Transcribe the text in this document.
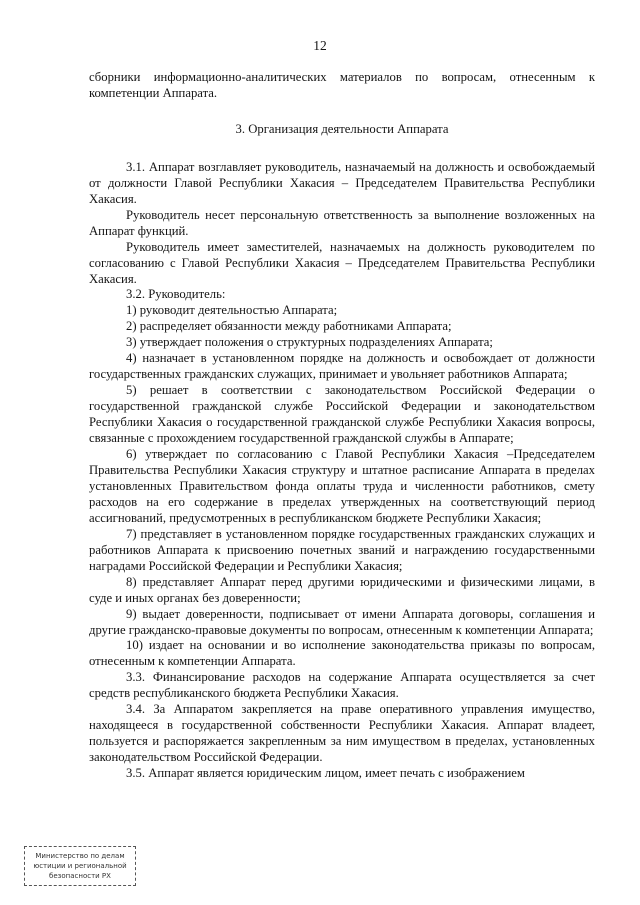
12

сборники информационно-аналитических материалов по вопросам, отнесенным к компетенции Аппарата.

3. Организация деятельности Аппарата

3.1. Аппарат возглавляет руководитель, назначаемый на должность и освобождаемый от должности Главой Республики Хакасия – Председателем Правительства Республики Хакасия.

Руководитель несет персональную ответственность за выполнение возложенных на Аппарат функций.

Руководитель имеет заместителей, назначаемых на должность руководителем по согласованию с Главой Республики Хакасия – Председателем Правительства Республики Хакасия.

3.2. Руководитель:

1) руководит деятельностью Аппарата;

2) распределяет обязанности между работниками Аппарата;

3) утверждает положения о структурных подразделениях Аппарата;

4) назначает в установленном порядке на должность и освобождает от должности государственных гражданских служащих, принимает и увольняет работников Аппарата;

5) решает в соответствии с законодательством Российской Федерации о государственной гражданской службе Российской Федерации и законодательством Республики Хакасия о государственной гражданской службе Республики Хакасия вопросы, связанные с прохождением государственной гражданской службы в Аппарате;

6) утверждает по согласованию с Главой Республики Хакасия –Председателем Правительства Республики Хакасия структуру и штатное расписание Аппарата в пределах установленных Правительством фонда оплаты труда и численности работников, смету расходов на его содержание в пределах утвержденных на соответствующий период ассигнований, предусмотренных в республиканском бюджете Республики Хакасия;

7) представляет в установленном порядке государственных гражданских служащих и работников Аппарата к присвоению почетных званий и награждению государственными наградами Российской Федерации и Республики Хакасия;

8) представляет Аппарат перед другими юридическими и физическими лицами, в суде и иных органах без доверенности;

9) выдает доверенности, подписывает от имени Аппарата договоры, соглашения и другие гражданско-правовые документы по вопросам, отнесенным к компетенции Аппарата;

10) издает на основании и во исполнение законодательства приказы по вопросам, отнесенным к компетенции Аппарата.

3.3. Финансирование расходов на содержание Аппарата осуществляется за счет средств республиканского бюджета Республики Хакасия.

3.4. За Аппаратом закрепляется на праве оперативного управления имущество, находящееся в государственной собственности Республики Хакасия. Аппарат владеет, пользуется и распоряжается закрепленным за ним имуществом в пределах, установленных законодательством Российской Федерации.

3.5. Аппарат является юридическим лицом, имеет печать с изображением

Министерство по делам
юстиции и региональной
безопасности РХ
